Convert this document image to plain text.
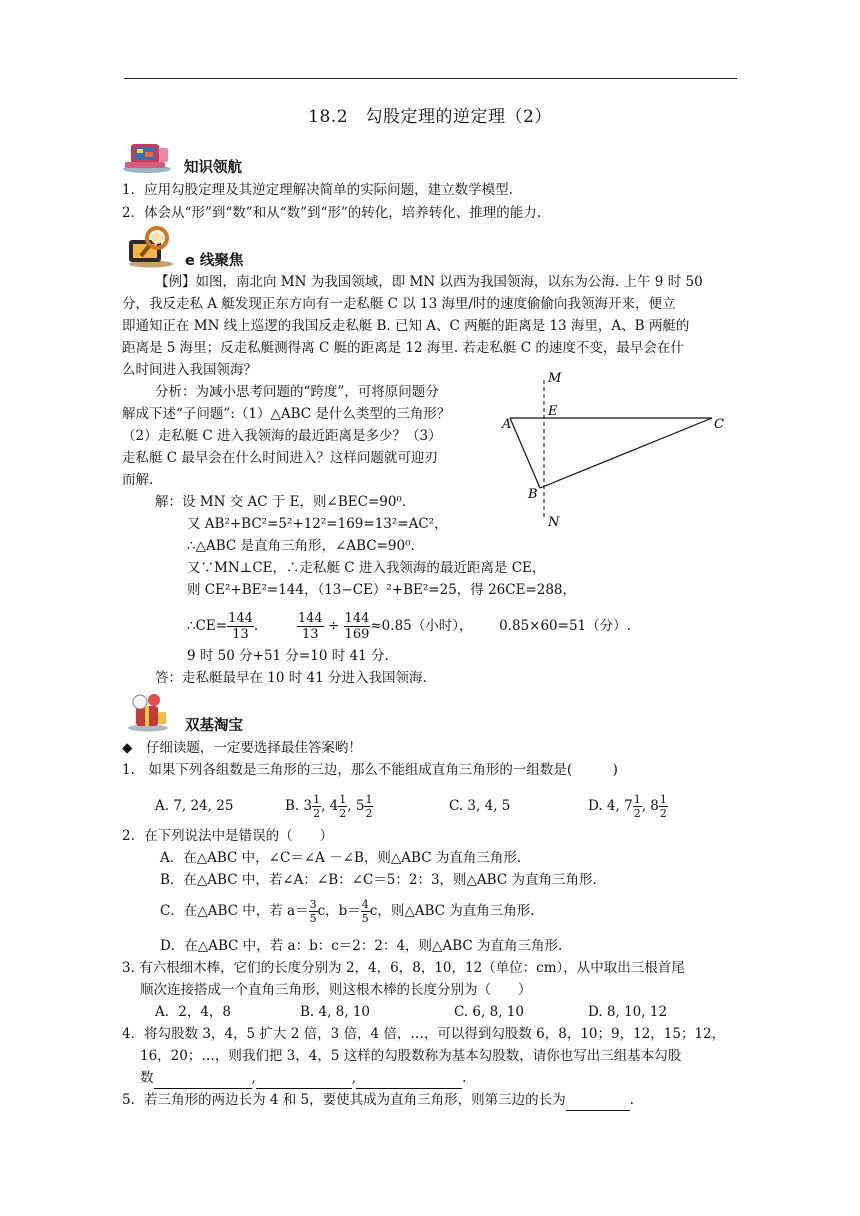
18.2　勾股定理的逆定理（2）
知识领航
1．应用勾股定理及其逆定理解决简单的实际问题，建立数学模型.
2．体会从“形”到“数”和从“数”到“形”的转化，培养转化、推理的能力.
e 线聚焦
【例】如图，南北向 MN 为我国领域，即 MN 以西为我国领海，以东为公海. 上午 9 时 50
分，我反走私 A 艇发现正东方向有一走私艇 C 以 13 海里/时的速度偷偷向我领海开来，便立
即通知正在 MN 线上巡逻的我国反走私艇 B. 已知 A、C 两艇的距离是 13 海里，A、B 两艇的
距离是 5 海里；反走私艇测得离 C 艇的距离是 12 海里. 若走私艇 C 的速度不变，最早会在什
么时间进入我国领海？
分析：为减小思考问题的“跨度”，可将原问题分
解成下述“子问题”:（1）△ABC 是什么类型的三角形？
（2）走私艇 C 进入我领海的最近距离是多少？（3）
走私艇 C 最早会在什么时间进入？这样问题就可迎刃
而解.
M
E
A	C
B
N
解：设 MN 交 AC 于 E，则∠BEC=90⁰.
又 AB²+BC²=5²+12²=169=13²=AC²，
∴△ABC 是直角三角形，∠ABC=90⁰.
又∵MN⊥CE，∴走私艇 C 进入我领海的最近距离是 CE，
则 CE²+BE²=144，（13−CE）²+BE²=25，得 26CE=288，
∴CE= $\frac{144}{13}$ .	$\frac{144}{13} \div \frac{144}{169} \approx 0.85$（小时）， 0.85×60=51（分）.
9 时 50 分+51 分=10 时 41 分.
答：走私艇最早在 10 时 41 分进入我国领海.
双基淘宝
◆　仔细读题，一定要选择最佳答案哟！
1.　如果下列各组数是三角形的三边，那么不能组成直角三角形的一组数是(　　　)
A. 7, 24, 25	B. $3 \frac{1}{2}$ , $4 \frac{1}{2}$ , $5 \frac{1}{2}$	C. 3, 4, 5	D. 4, $7 \frac{1}{2}$ , $8 \frac{1}{2}$
2．在下列说法中是错误的（　　）
A．在△ABC 中，∠C＝∠A －∠B，则△ABC 为直角三角形.
B．在△ABC 中，若∠A：∠B：∠C＝5：2：3，则△ABC 为直角三角形.
C．在△ABC 中，若 $a= \frac{3}{5}$ c，$b= \frac{4}{5}$ c，则△ABC 为直角三角形.
D．在△ABC 中，若 a：b：c＝2：2：4，则△ABC 为直角三角形.
3. 有六根细木棒，它们的长度分别为 2，4，6，8，10，12（单位：cm），从中取出三根首尾
顺次连接搭成一个直角三角形，则这根木棒的长度分别为（　　）
A．2，4，8	B. 4, 8, 10	C. 6, 8, 10	D. 8, 10, 12
4．将勾股数 3，4，5 扩大 2 倍，3 倍，4 倍，…，可以得到勾股数 6，8，10；9，12，15；12，
16，20；…，则我们把 3，4，5 这样的勾股数称为基本勾股数，请你也写出三组基本勾股
数	,	,	.
5．若三角形的两边长为 4 和 5，要使其成为直角三角形，则第三边的长为	.
